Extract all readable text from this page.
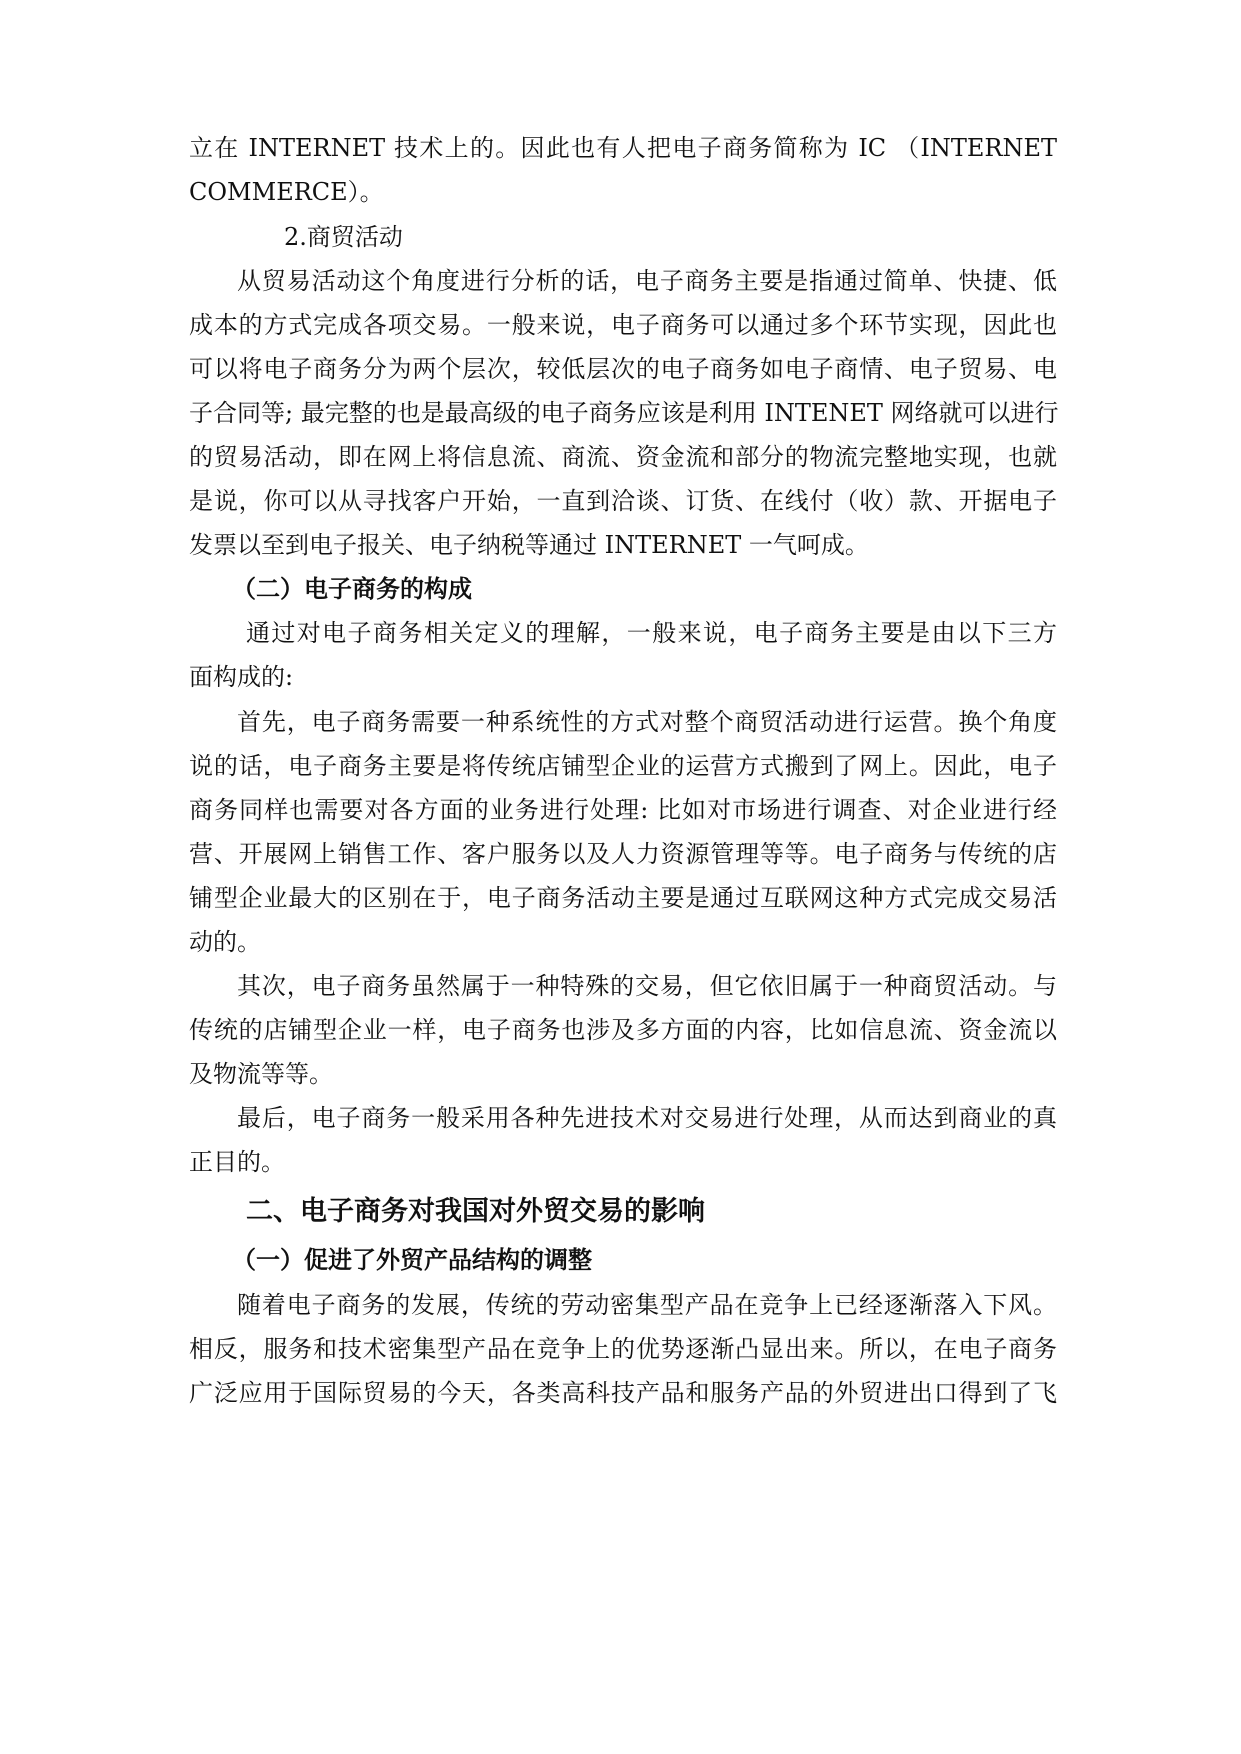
立在 INTERNET 技术上的。因此也有人把电子商务简称为 IC （INTERNET
COMMERCE）。
2.商贸活动
从贸易活动这个角度进行分析的话，电子商务主要是指通过简单、快捷、低
成本的方式完成各项交易。一般来说，电子商务可以通过多个环节实现，因此也
可以将电子商务分为两个层次，较低层次的电子商务如电子商情、电子贸易、电
子合同等; 最完整的也是最高级的电子商务应该是利用 INTENET 网络就可以进行
的贸易活动，即在网上将信息流、商流、资金流和部分的物流完整地实现，也就
是说，你可以从寻找客户开始，一直到洽谈、订货、在线付（收）款、开据电子
发票以至到电子报关、电子纳税等通过 INTERNET 一气呵成。
（二）电子商务的构成
通过对电子商务相关定义的理解，一般来说，电子商务主要是由以下三方
面构成的:
首先，电子商务需要一种系统性的方式对整个商贸活动进行运营。换个角度
说的话，电子商务主要是将传统店铺型企业的运营方式搬到了网上。因此，电子
商务同样也需要对各方面的业务进行处理: 比如对市场进行调查、对企业进行经
营、开展网上销售工作、客户服务以及人力资源管理等等。电子商务与传统的店
铺型企业最大的区别在于，电子商务活动主要是通过互联网这种方式完成交易活
动的。
其次，电子商务虽然属于一种特殊的交易，但它依旧属于一种商贸活动。与
传统的店铺型企业一样，电子商务也涉及多方面的内容，比如信息流、资金流以
及物流等等。
最后，电子商务一般采用各种先进技术对交易进行处理，从而达到商业的真
正目的。
二、电子商务对我国对外贸交易的影响
（一）促进了外贸产品结构的调整
随着电子商务的发展，传统的劳动密集型产品在竞争上已经逐渐落入下风。
相反，服务和技术密集型产品在竞争上的优势逐渐凸显出来。所以，在电子商务
广泛应用于国际贸易的今天，各类高科技产品和服务产品的外贸进出口得到了飞
